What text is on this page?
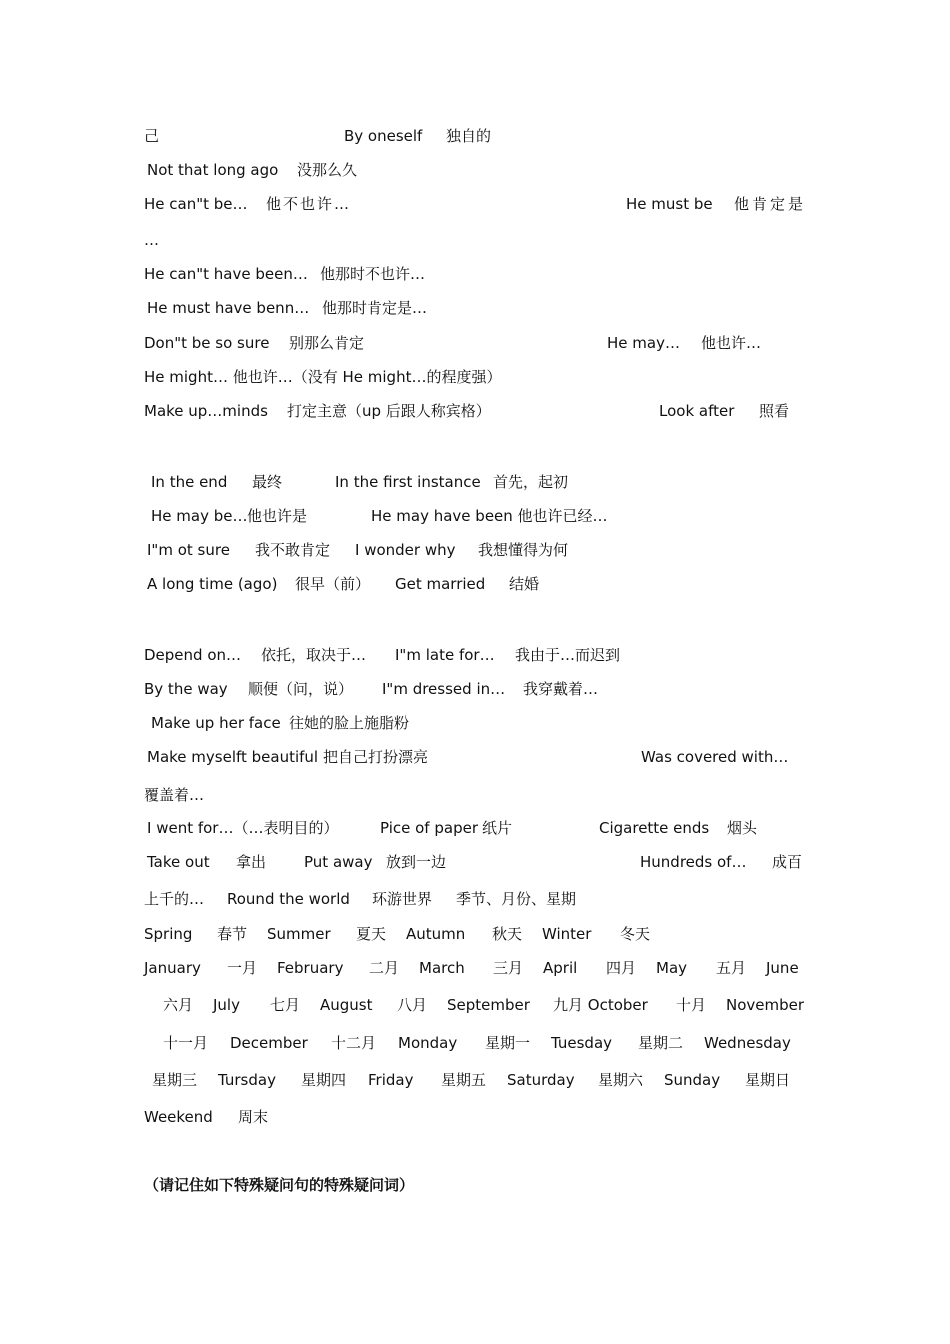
己	By oneself 独自的
Not that long ago 没那么久
He can"t be… 他不也许…	He must be 他肯定是
…
He can"t have been… 他那时不也许…
He must have benn… 他那时肯定是…
Don"t be so sure 别那么肯定	He may… 他也许…
He might… 他也许…（没有 He might…的程度强）
Make up…minds 打定主意（up 后跟人称宾格）	Look after 照看
In the end 最终	In the first instance 首先，起初
He may be… 他也许是	He may have been 他也许已经…
I"m ot sure 我不敢肯定 I wonder why 我想懂得为何
A long time (ago) 很早（前） Get married 结婚
Depend on… 依托，取决于… I"m late for… 我由于…而迟到
By the way 顺便（问，说） I"m dressed in… 我穿戴着…
Make up her face 往她的脸上施脂粉
Make myselft beautiful 把自己打扮漂亮	Was covered with…
覆盖着…
I went for…（…表明目的）	Pice of paper 纸片	Cigarette ends 烟头
Take out 拿出	Put away 放到一边	Hundreds of… 成百
上千的… Round the world 环游世界 季节、月份、星期
Spring 春节 Summer 夏天 Autumn 秋天 Winter 冬天
January 一月 February 二月 March 三月 April 四月 May 五月 June
六月 July 七月 August 八月 September 九月 October 十月 November
十一月 December 十二月 Monday 星期一 Tuesday 星期二 Wednesday
星期三 Tursday 星期四 Friday 星期五 Saturday 星期六 Sunday 星期日
Weekend 周末
（请记住如下特殊疑问句的特殊疑问词）
